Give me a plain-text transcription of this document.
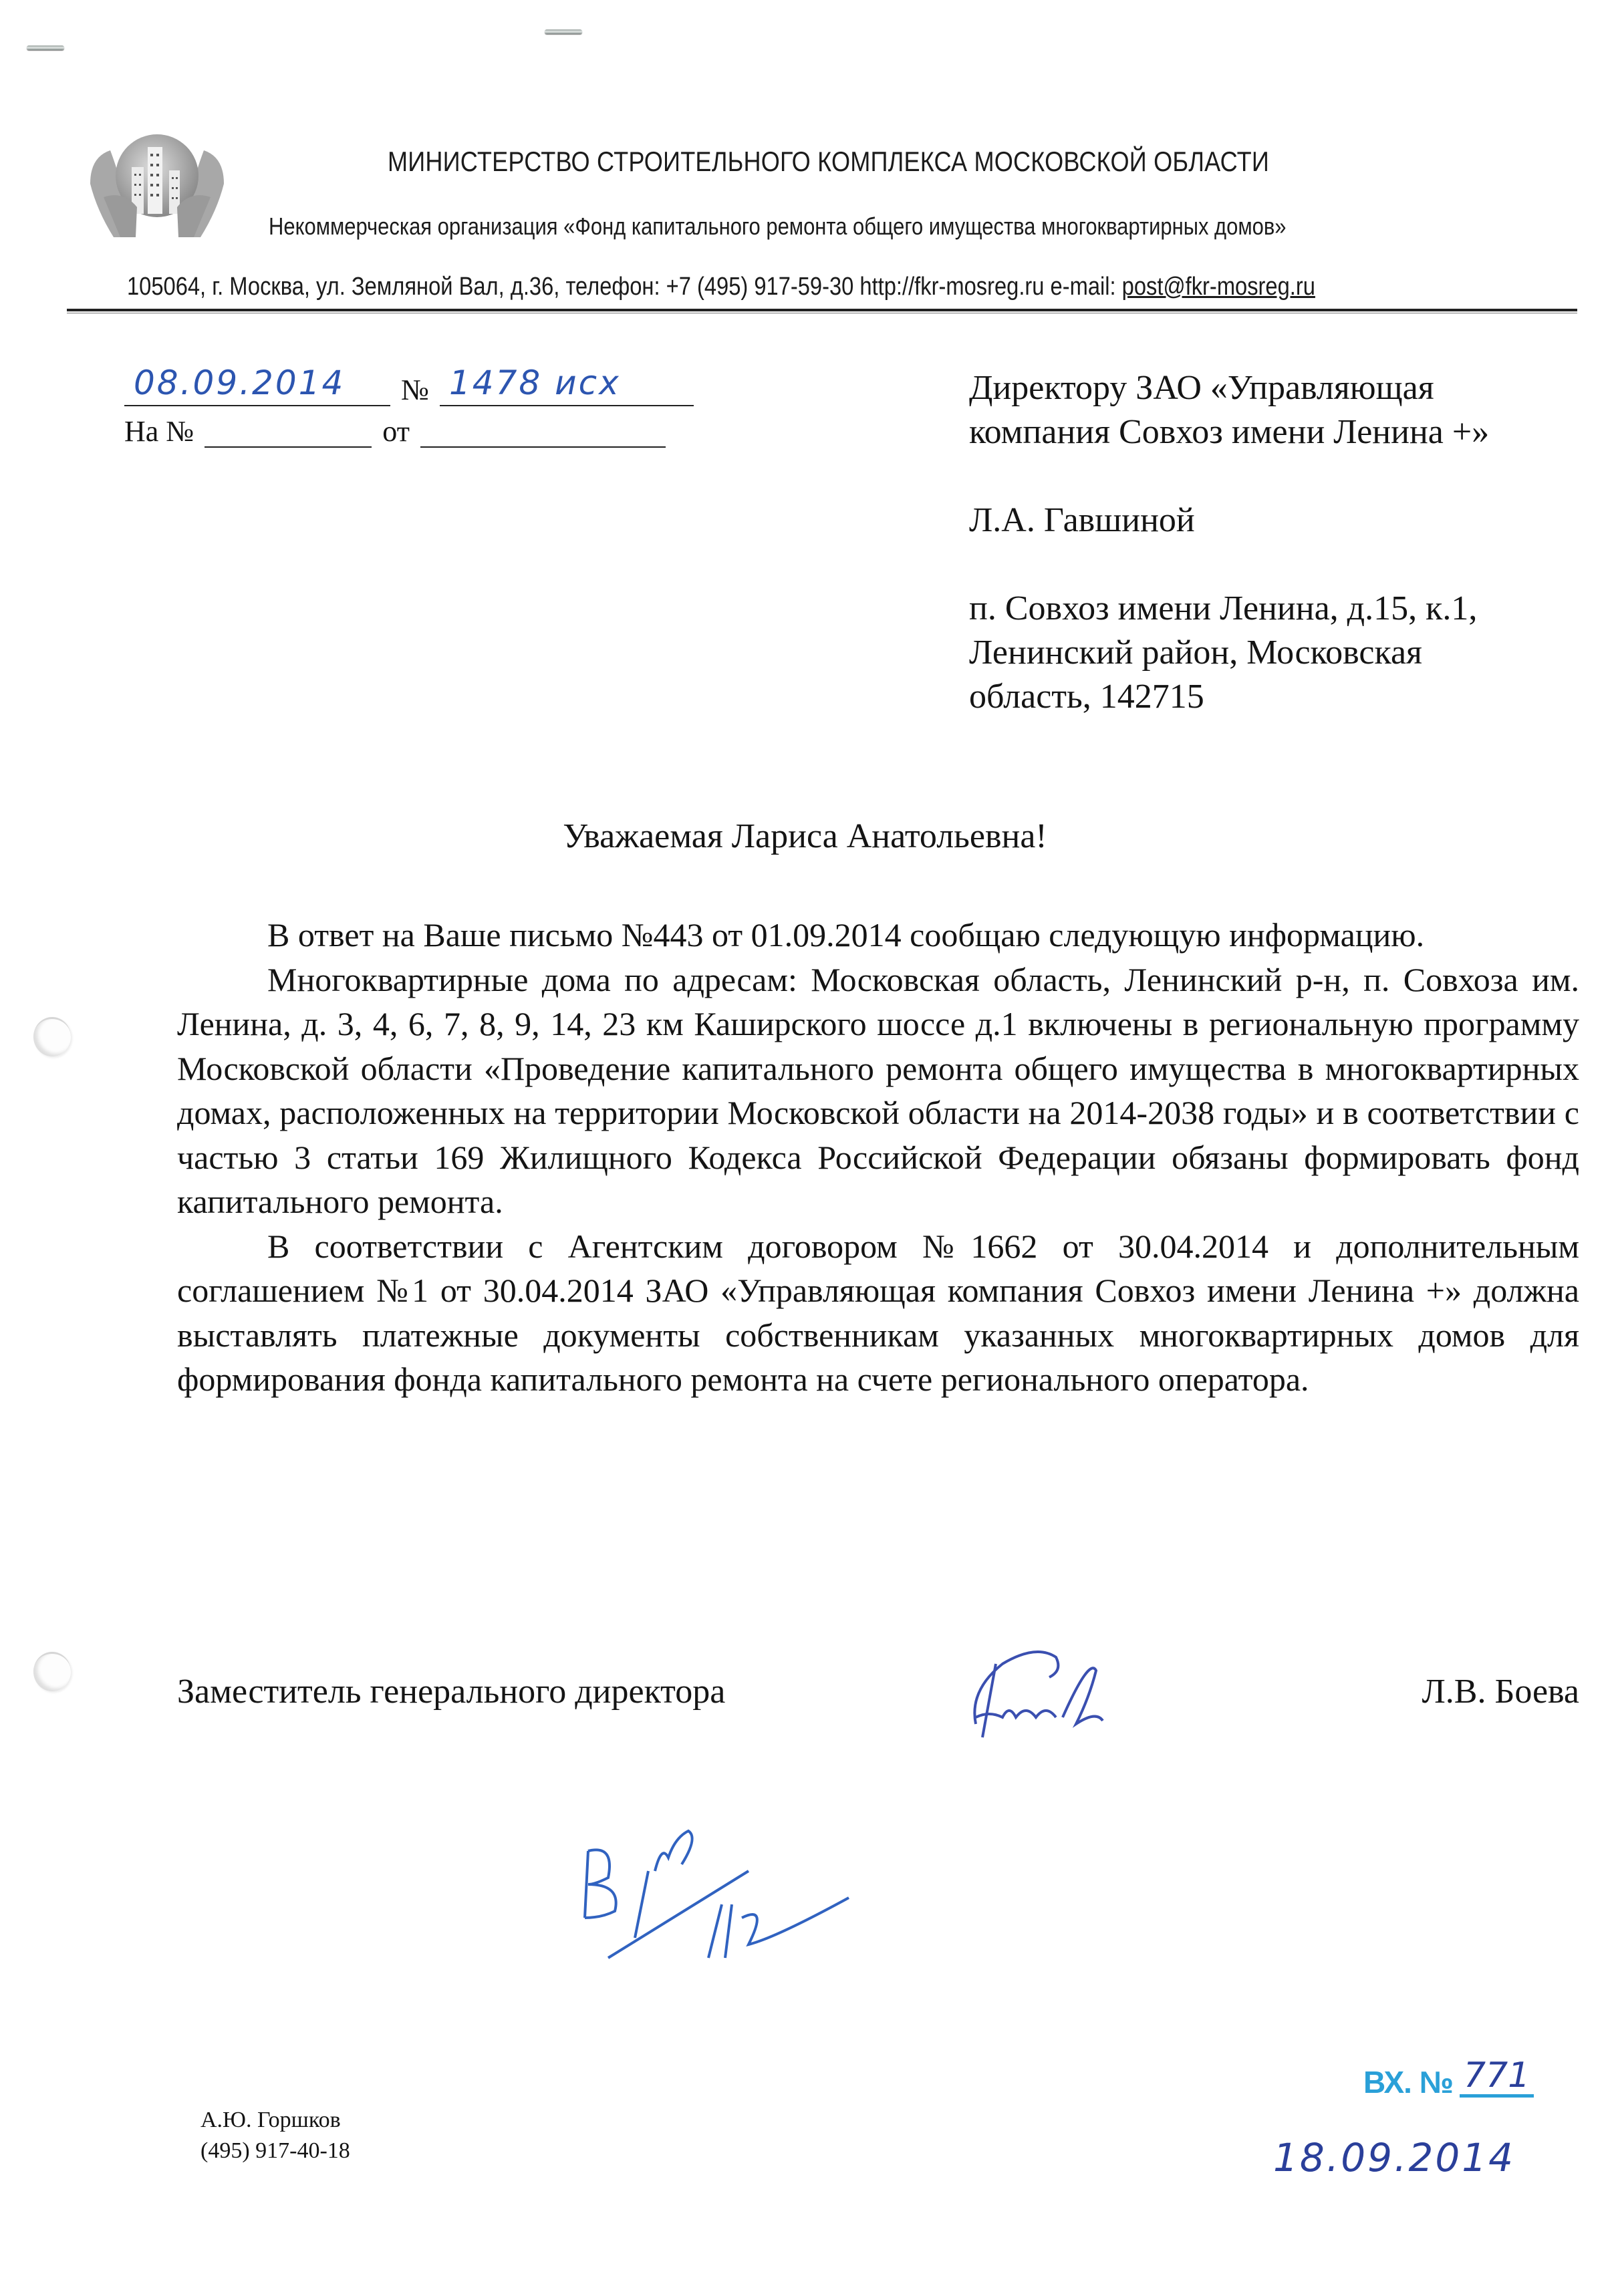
МИНИСТЕРСТВО СТРОИТЕЛЬНОГО КОМПЛЕКСА МОСКОВСКОЙ ОБЛАСТИ
Некоммерческая организация «Фонд капитального ремонта общего имущества многоквартирных домов»
105064, г. Москва, ул. Земляной Вал, д.36, телефон: +7 (495) 917-59-30 http://fkr-mosreg.ru e-mail: post@fkr-mosreg.ru
08.09.2014	№ 1478 исх
На №	от
Директору ЗАО «Управляющая
компания Совхоз имени Ленина +»
Л.А. Гавшиной
п. Совхоз имени Ленина, д.15, к.1,
Ленинский район, Московская
область, 142715
Уважаемая Лариса Анатольевна!

В ответ на Ваше письмо №443 от 01.09.2014 сообщаю следующую информацию.

Многоквартирные дома по адресам: Московская область, Ленинский р-н, п. Совхоза им. Ленина, д. 3, 4, 6, 7, 8, 9, 14, 23 км Каширского шоссе д.1 включены в региональную программу Московской области «Проведение капитального ремонта общего имущества в многоквартирных домах, расположенных на территории Московской области на 2014-2038 годы» и в соответствии с частью 3 статьи 169 Жилищного Кодекса Российской Федерации обязаны формировать фонд капитального ремонта.

В соответствии с Агентским договором №1662 от 30.04.2014 и дополнительным соглашением №1 от 30.04.2014 ЗАО «Управляющая компания Совхоз имени Ленина +» должна выставлять платежные документы собственникам указанных многоквартирных домов для формирования фонда капитального ремонта на счете регионального оператора.

Заместитель генерального директора	Л.В. Боева
А.Ю. Горшков
(495) 917-40-18
ВХ. № 771
18.09.2014
